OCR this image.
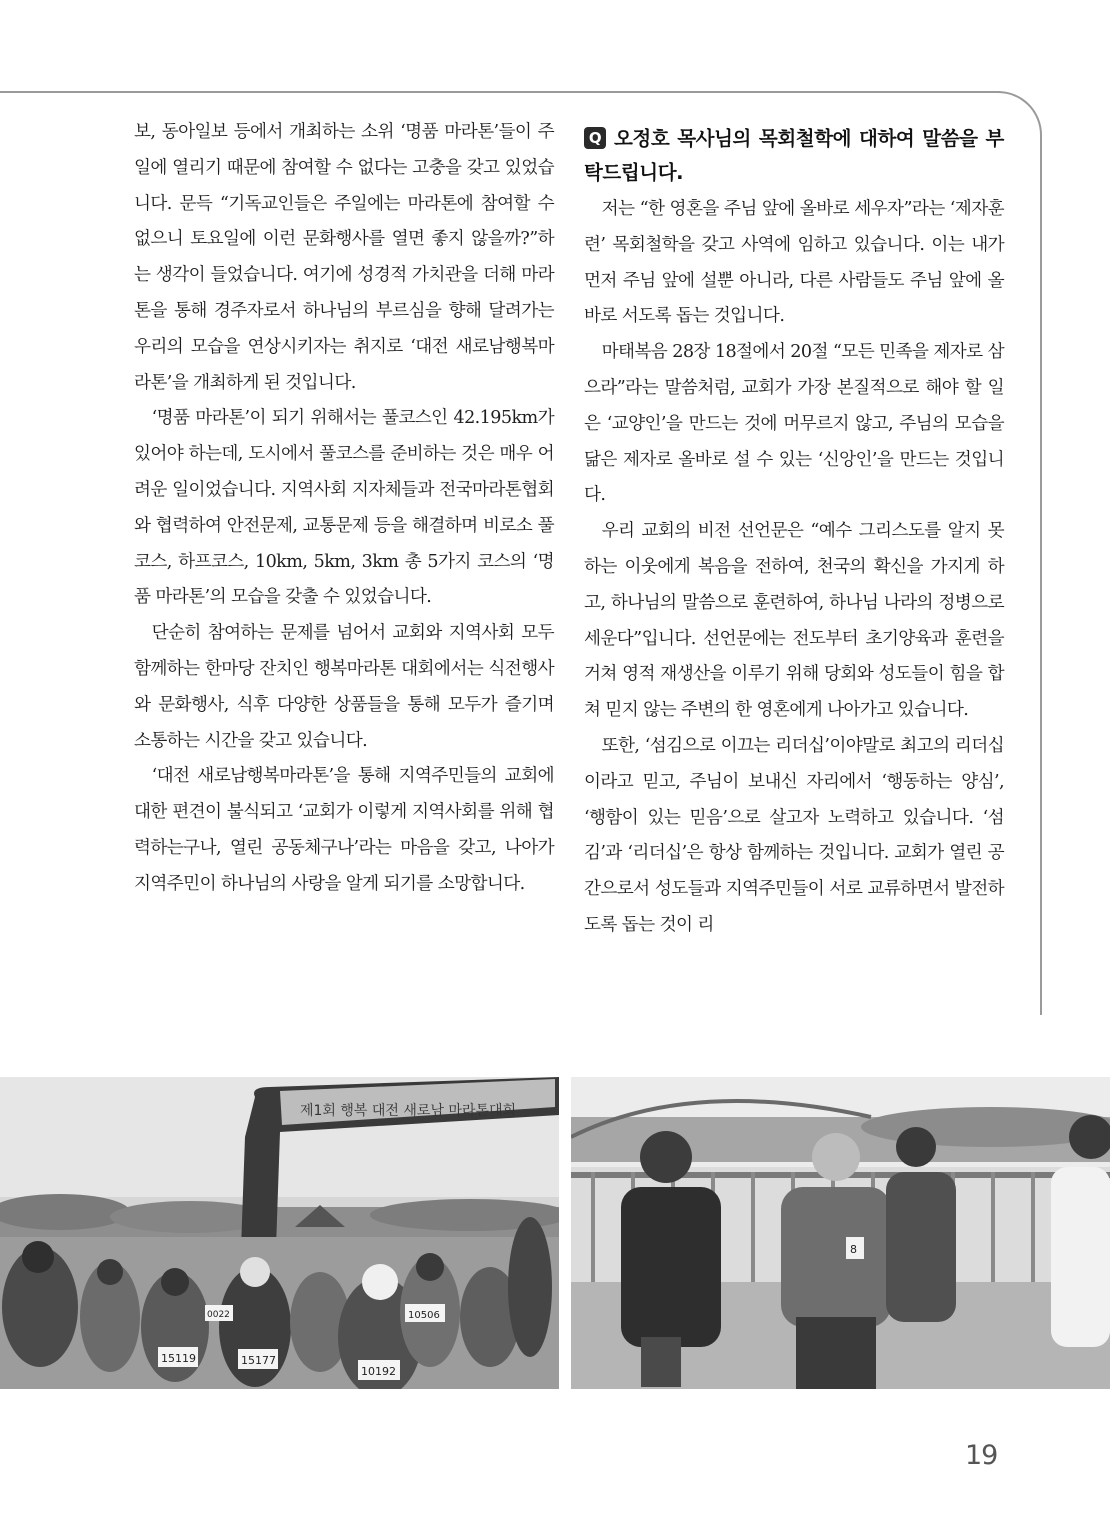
보, 동아일보 등에서 개최하는 소위 ‘명품 마라톤’들이 주일에 열리기 때문에 참여할 수 없다는 고충을 갖고 있었습니다. 문득 “기독교인들은 주일에는 마라톤에 참여할 수 없으니 토요일에 이런 문화행사를 열면 좋지 않을까?”하는 생각이 들었습니다. 여기에 성경적 가치관을 더해 마라톤을 통해 경주자로서 하나님의 부르심을 향해 달려가는 우리의 모습을 연상시키자는 취지로 ‘대전 새로남행복마라톤’을 개최하게 된 것입니다.

‘명품 마라톤’이 되기 위해서는 풀코스인 42.195km가 있어야 하는데, 도시에서 풀코스를 준비하는 것은 매우 어려운 일이었습니다. 지역사회 지자체들과 전국마라톤협회와 협력하여 안전문제, 교통문제 등을 해결하며 비로소 풀코스, 하프코스, 10km, 5km, 3km 총 5가지 코스의 ‘명품 마라톤’의 모습을 갖출 수 있었습니다.

단순히 참여하는 문제를 넘어서 교회와 지역사회 모두 함께하는 한마당 잔치인 행복마라톤 대회에서는 식전행사와 문화행사, 식후 다양한 상품들을 통해 모두가 즐기며 소통하는 시간을 갖고 있습니다.

‘대전 새로남행복마라톤’을 통해 지역주민들의 교회에 대한 편견이 불식되고 ‘교회가 이렇게 지역사회를 위해 협력하는구나, 열린 공동체구나’라는 마음을 갖고, 나아가 지역주민이 하나님의 사랑을 알게 되기를 소망합니다.

Q 오정호 목사님의 목회철학에 대하여 말씀을 부탁드립니다.

저는 “한 영혼을 주님 앞에 올바로 세우자”라는 ‘제자훈련’ 목회철학을 갖고 사역에 임하고 있습니다. 이는 내가 먼저 주님 앞에 설뿐 아니라, 다른 사람들도 주님 앞에 올바로 서도록 돕는 것입니다.

마태복음 28장 18절에서 20절 “모든 민족을 제자로 삼으라”라는 말씀처럼, 교회가 가장 본질적으로 해야 할 일은 ‘교양인’을 만드는 것에 머무르지 않고, 주님의 모습을 닮은 제자로 올바로 설 수 있는 ‘신앙인’을 만드는 것입니다.

우리 교회의 비전 선언문은 “예수 그리스도를 알지 못하는 이웃에게 복음을 전하여, 천국의 확신을 가지게 하고, 하나님의 말씀으로 훈련하여, 하나님 나라의 정병으로 세운다”입니다. 선언문에는 전도부터 초기양육과 훈련을 거쳐 영적 재생산을 이루기 위해 당회와 성도들이 힘을 합쳐 믿지 않는 주변의 한 영혼에게 나아가고 있습니다.

또한, ‘섬김으로 이끄는 리더십’이야말로 최고의 리더십이라고 믿고, 주님이 보내신 자리에서 ‘행동하는 양심’, ‘행함이 있는 믿음’으로 살고자 노력하고 있습니다. ‘섬김’과 ‘리더십’은 항상 함께하는 것입니다. 교회가 열린 공간으로서 성도들과 지역주민들이 서로 교류하면서 발전하도록 돕는 것이 리

제1회 행복 대전 새로남 마라톤대회
15119	15177
10192
10506
0022
8
19
